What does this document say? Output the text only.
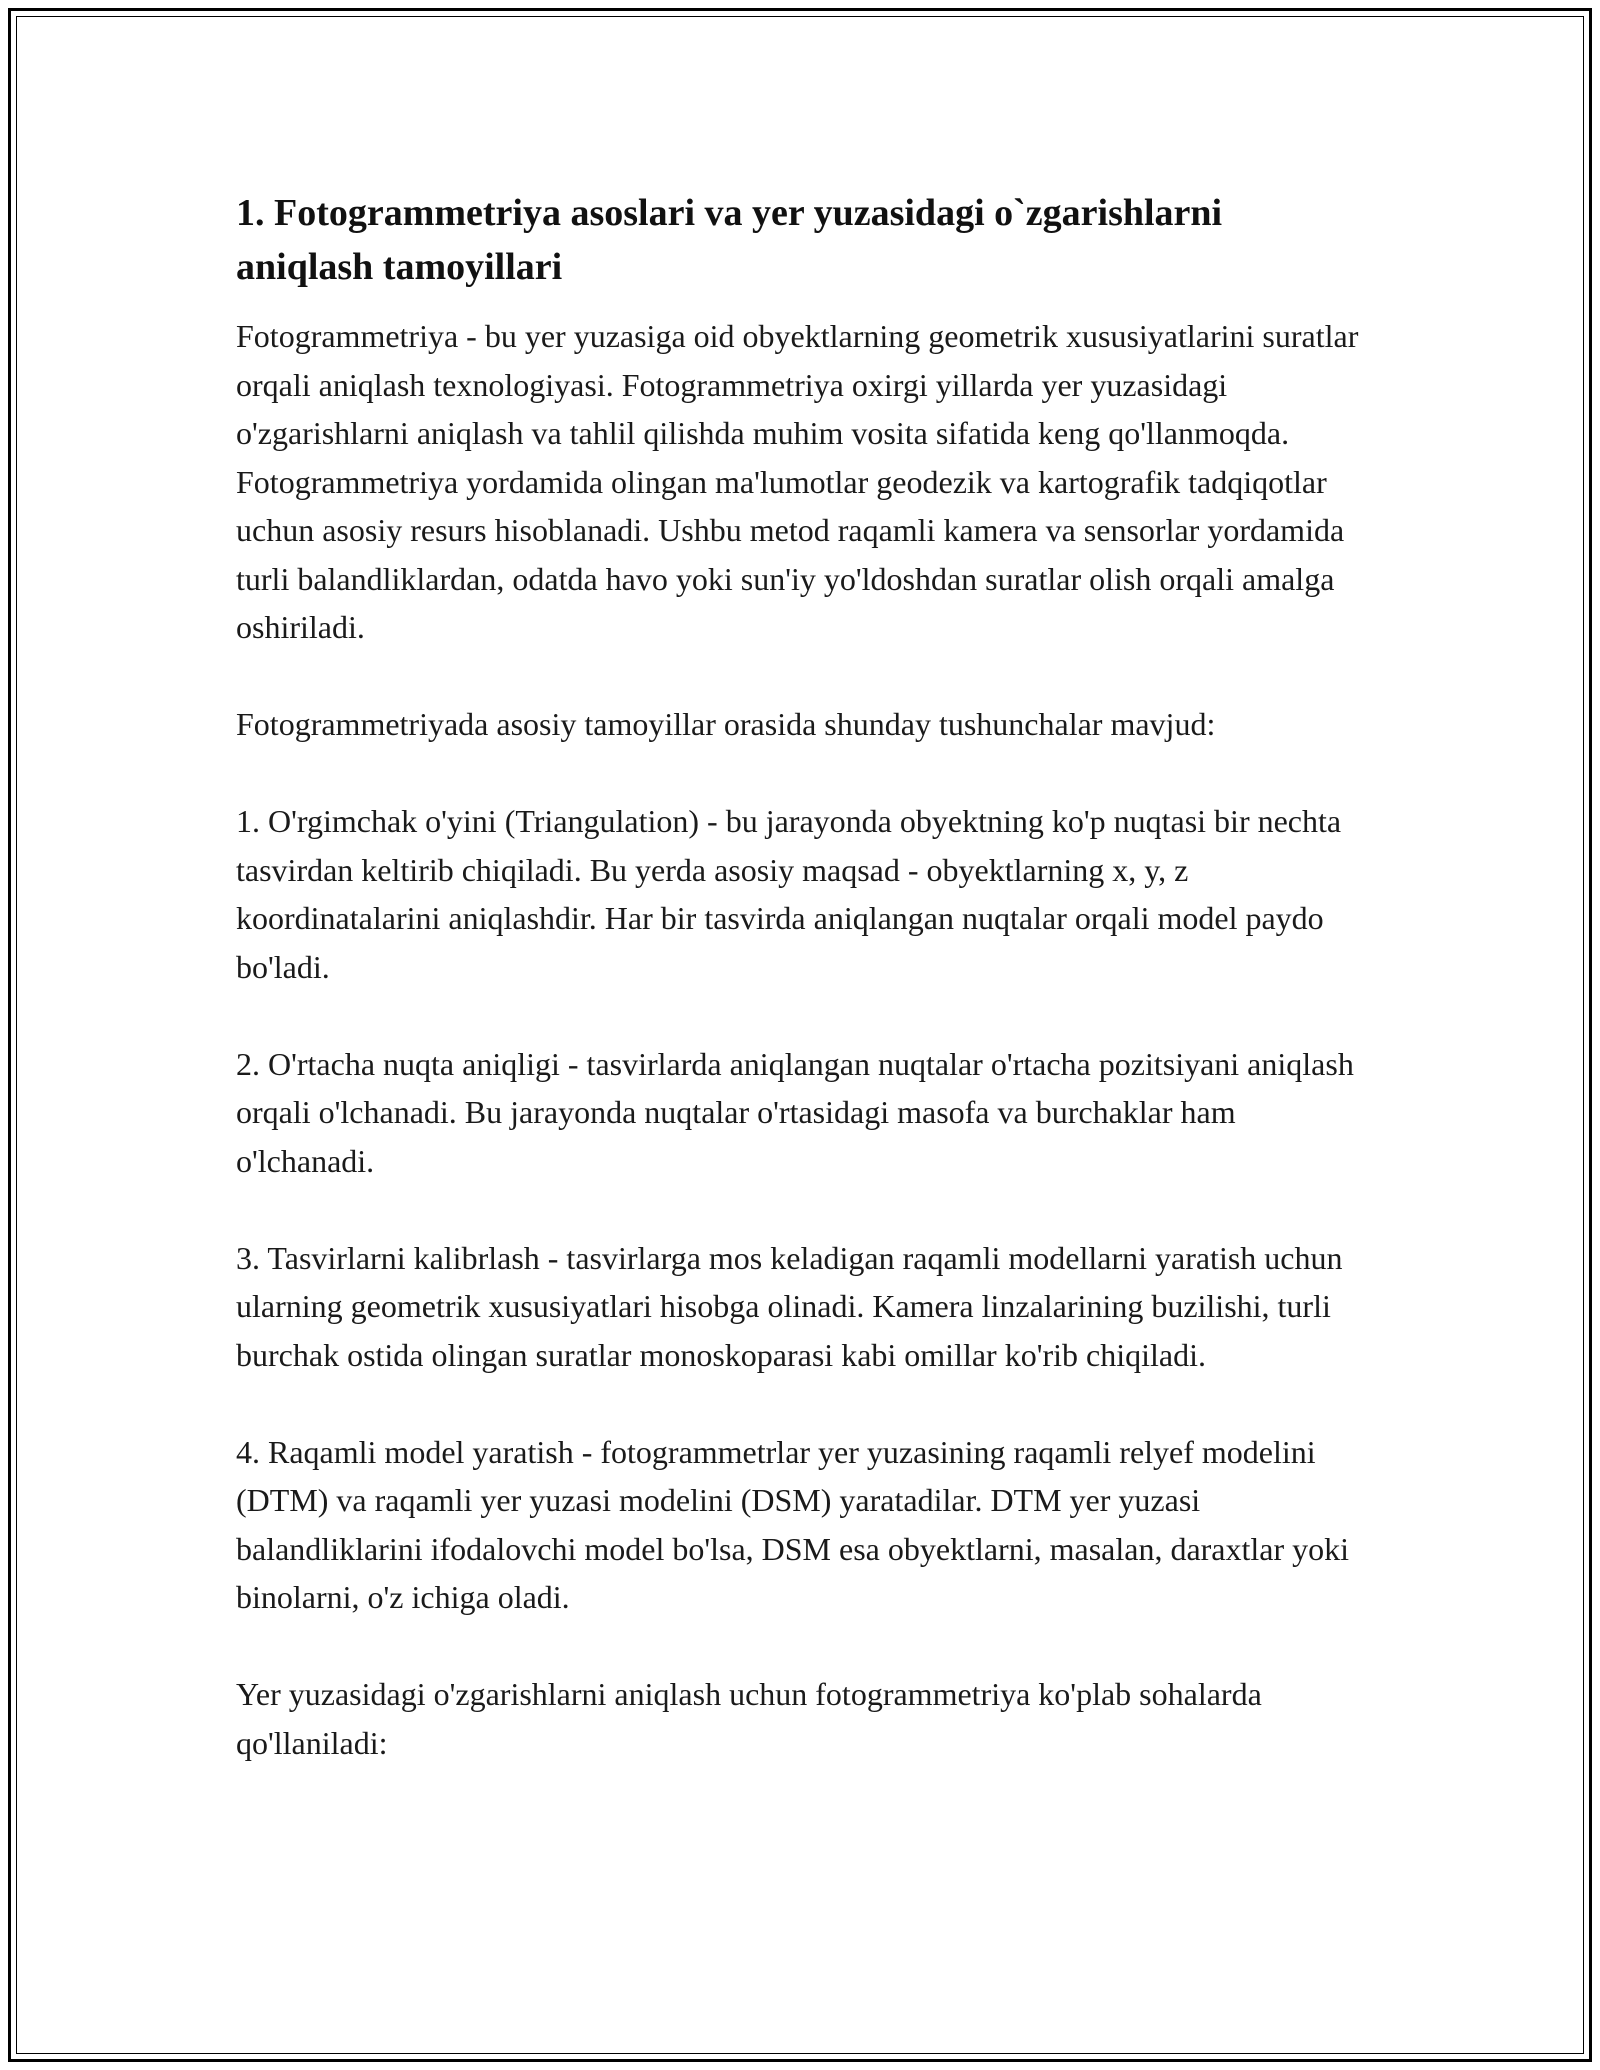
1. Fotogrammetriya asoslari va yer yuzasidagi o`zgarishlarni aniqlash tamoyillari

Fotogrammetriya - bu yer yuzasiga oid obyektlarning geometrik xususiyatlarini suratlar orqali aniqlash texnologiyasi. Fotogrammetriya oxirgi yillarda yer yuzasidagi o'zgarishlarni aniqlash va tahlil qilishda muhim vosita sifatida keng qo'llanmoqda. Fotogrammetriya yordamida olingan ma'lumotlar geodezik va kartografik tadqiqotlar uchun asosiy resurs hisoblanadi. Ushbu metod raqamli kamera va sensorlar yordamida turli balandliklardan, odatda havo yoki sun'iy yo'ldoshdan suratlar olish orqali amalga oshiriladi.

Fotogrammetriyada asosiy tamoyillar orasida shunday tushunchalar mavjud:

1. O'rgimchak o'yini (Triangulation) - bu jarayonda obyektning ko'p nuqtasi bir nechta tasvirdan keltirib chiqiladi. Bu yerda asosiy maqsad - obyektlarning x, y, z koordinatalarini aniqlashdir. Har bir tasvirda aniqlangan nuqtalar orqali model paydo bo'ladi.

2. O'rtacha nuqta aniqligi - tasvirlarda aniqlangan nuqtalar o'rtacha pozitsiyani aniqlash orqali o'lchanadi. Bu jarayonda nuqtalar o'rtasidagi masofa va burchaklar ham o'lchanadi.

3. Tasvirlarni kalibrlash - tasvirlarga mos keladigan raqamli modellarni yaratish uchun ularning geometrik xususiyatlari hisobga olinadi. Kamera linzalarining buzilishi, turli burchak ostida olingan suratlar monoskoparasi kabi omillar ko'rib chiqiladi.

4. Raqamli model yaratish - fotogrammetrlar yer yuzasining raqamli relyef modelini (DTM) va raqamli yer yuzasi modelini (DSM) yaratadilar. DTM yer yuzasi balandliklarini ifodalovchi model bo'lsa, DSM esa obyektlarni, masalan, daraxtlar yoki binolarni, o'z ichiga oladi.

Yer yuzasidagi o'zgarishlarni aniqlash uchun fotogrammetriya ko'plab sohalarda qo'llaniladi:
